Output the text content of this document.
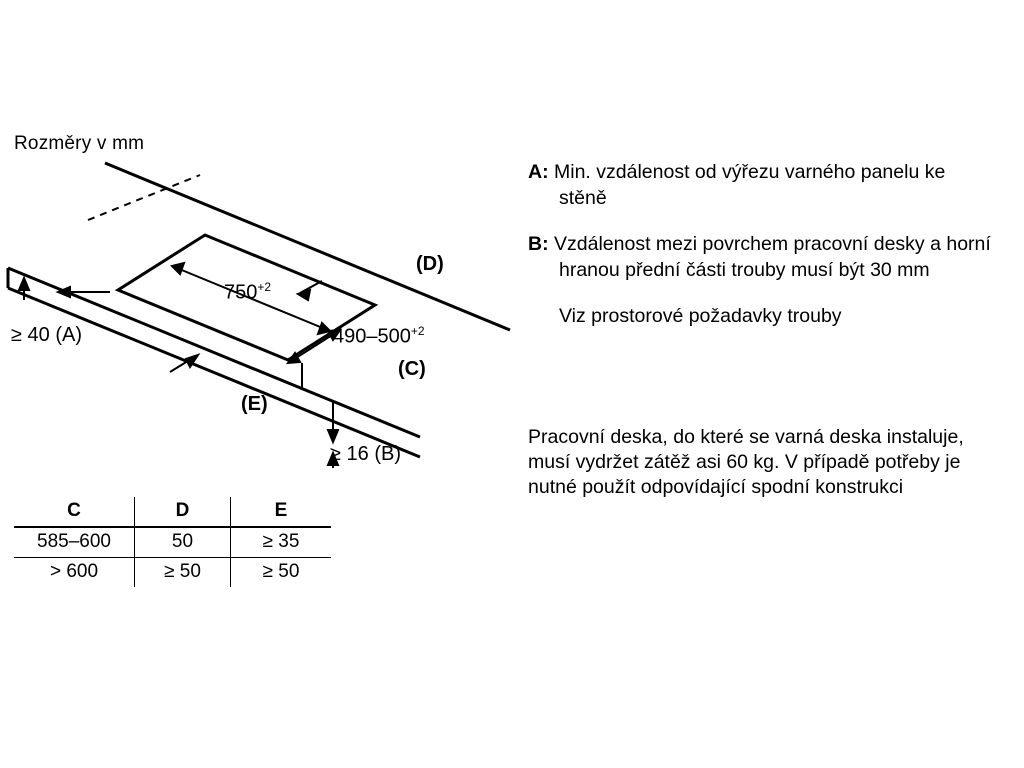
Rozměry v mm
$750^{+2}$
$490-500^{+2}$
≥ 40 (A)
≥ 16 (B)
(C)
(D)
(E)
C	D	E
585–600	50	≥ 35
> 600	≥ 50	≥ 50
A: Min. vzdálenost od výřezu varného panelu ke stěně
B: Vzdálenost mezi povrchem pracovní desky a horní hranou přední části trouby musí být 30 mm
Viz prostorové požadavky trouby
Pracovní deska, do které se varná deska instaluje, musí vydržet zátěž asi 60 kg. V případě potřeby je nutné použít odpovídající spodní konstrukci
